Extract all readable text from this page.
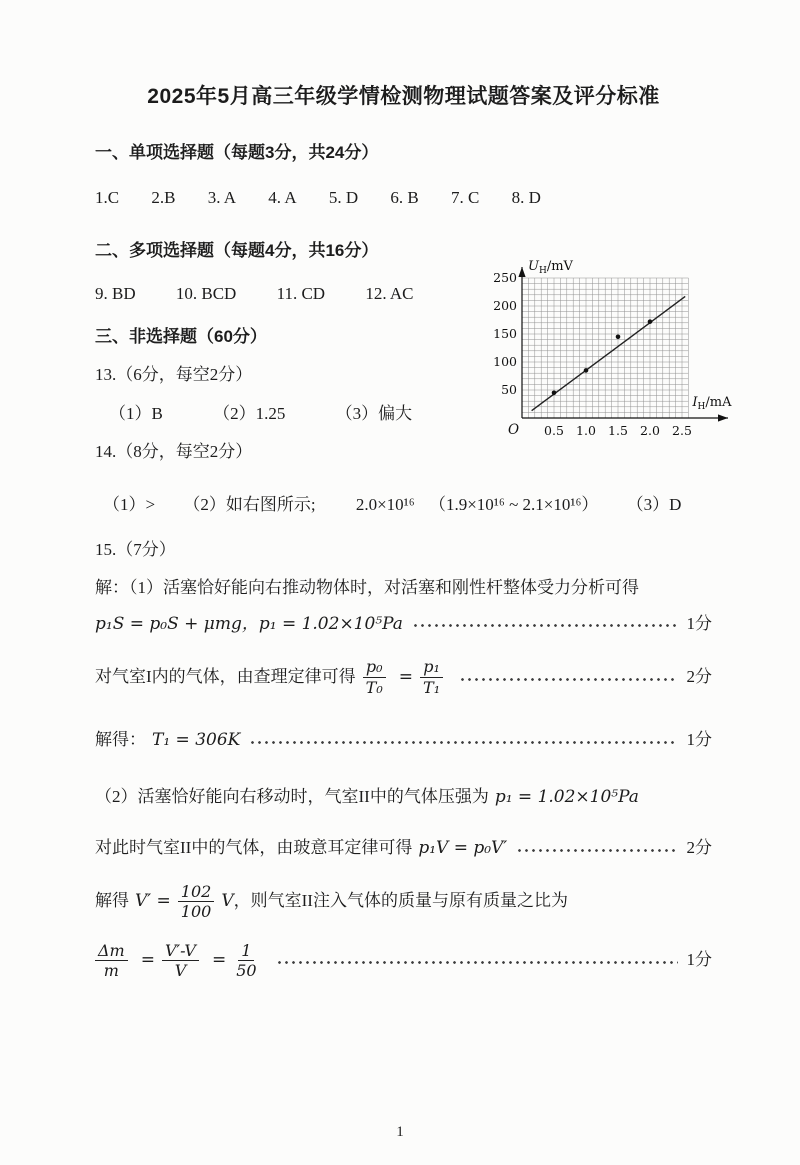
2025年5月高三年级学情检测物理试题答案及评分标准
0.5 1.0 1.5 2.0 2.5
50
100
150
200
250
O
$U_H/mV$
$I_H/mA$

一、单项选择题（每题3分，共24分）

1.C 2.B 3. A 4. A 5. D 6. B 7. C 8. D

二、多项选择题（每题4分，共16分）

9. BD 10. BCD 11. CD 12. AC

三、非选择题（60分）

13.（6分，每空2分）

（1）B	（2）1.25	（3）偏大

14.（8分，每空2分）

（1）> （2）如右图所示; 2.0×10¹⁶ （1.9×10¹⁶ ~ 2.1×10¹⁶） （3）D

15.（7分）

解：（1）活塞恰好能向右推动物体时，对活塞和刚性杆整体受力分析可得

p₁S = p₀S + μmg，p₁ = 1.02×10⁵Pa	1分
对气室I内的气体，由查理定律可得 $\frac{\text{p₀}}{\text{T₀}} = \frac{\text{p₁}}{\text{T₁}}$	2分
解得： T₁ = 306K	1分
（2）活塞恰好能向右移动时，气室II中的气体压强为 p₁ = 1.02×10⁵Pa
对此时气室II中的气体，由玻意耳定律可得 p₁V = p₀V′	2分
解得 $V' = \frac{102}{100}$ V ，则气室II注入气体的质量与原有质量之比为
$\frac{\Delta m}{m} = \frac{V'-V}{V} = \frac{1}{50}$	1分
1
